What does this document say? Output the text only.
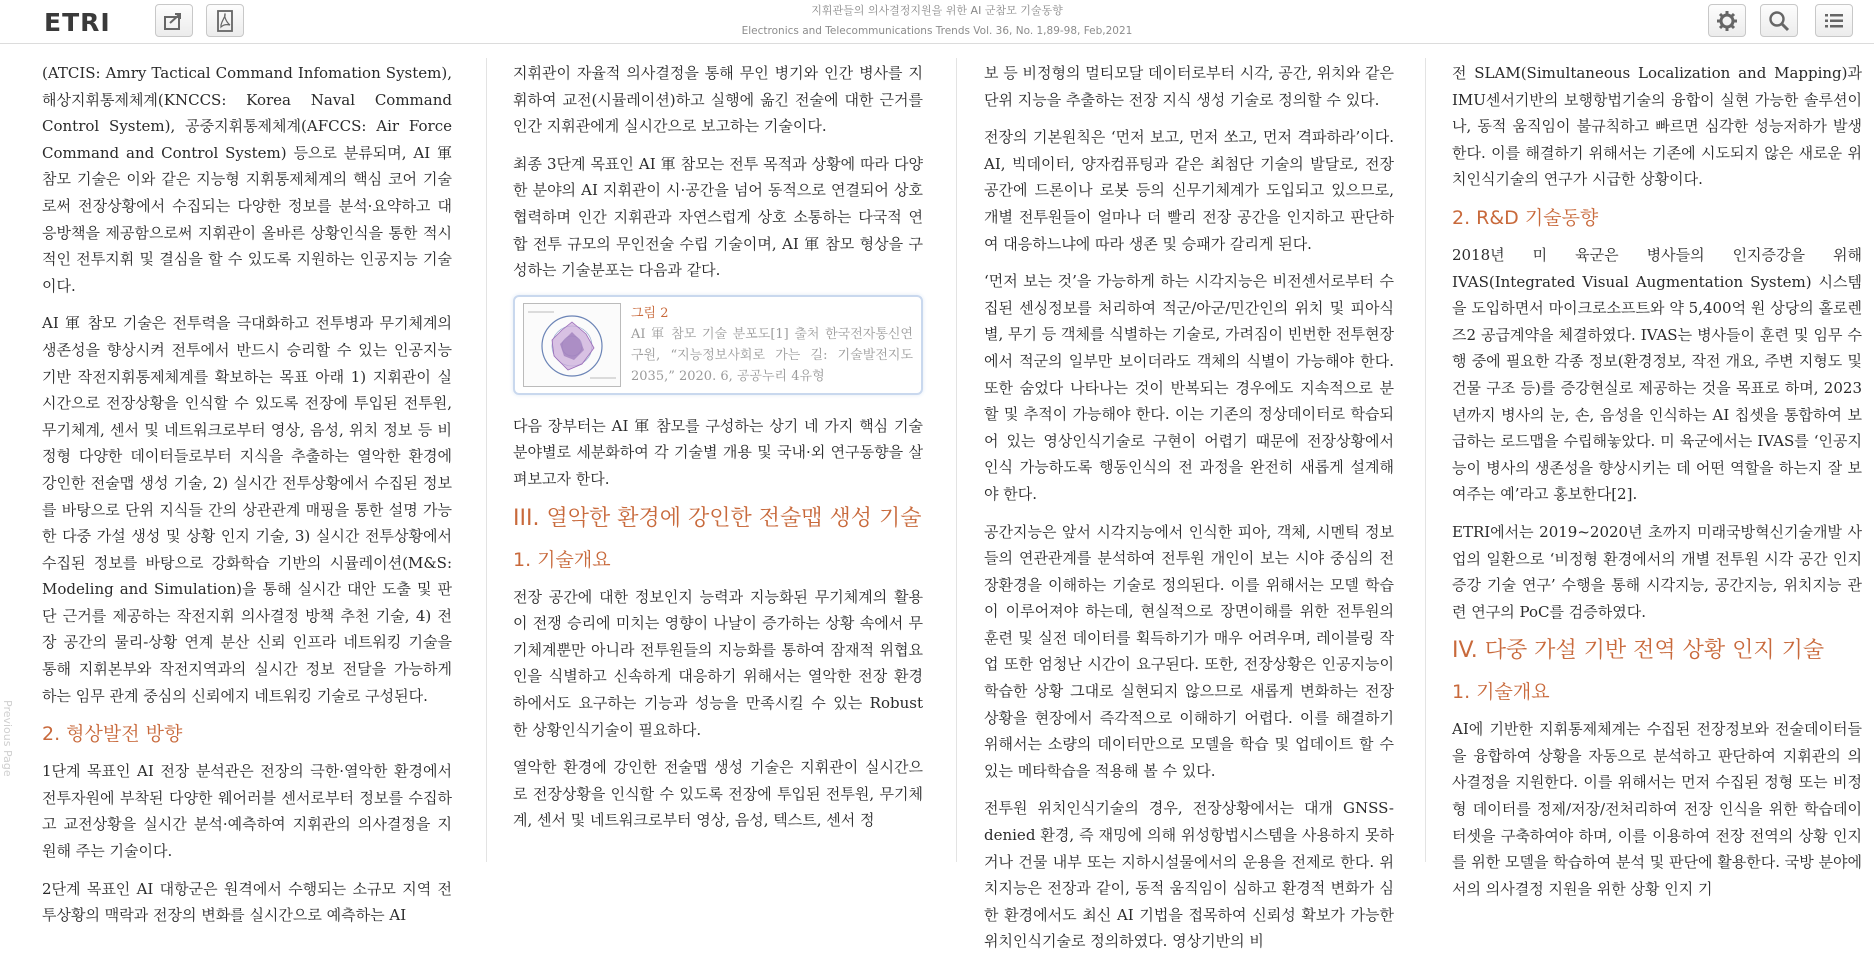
ETRI	지휘관들의 의사결정지원을 위한 AI 군참모 기술동향
Electronics and Telecommunications Trends Vol. 36, No. 1,89-98, Feb,2021
Previous Page

(ATCIS: Amry Tactical Command Infomation System), 해상지휘통제체계(KNCCS: Korea Naval Command Control System), 공중지휘통제체계(AFCCS: Air Force Command and Control System) 등으로 분류되며, AI 軍 참모 기술은 이와 같은 지능형 지휘통제체계의 핵심 코어 기술로써 전장상황에서 수집되는 다양한 정보를 분석·요약하고 대응방책을 제공함으로써 지휘관이 올바른 상황인식을 통한 적시적인 전투지휘 및 결심을 할 수 있도록 지원하는 인공지능 기술이다.

AI 軍 참모 기술은 전투력을 극대화하고 전투병과 무기체계의 생존성을 향상시켜 전투에서 반드시 승리할 수 있는 인공지능 기반 작전지휘통제체계를 확보하는 목표 아래 1) 지휘관이 실시간으로 전장상황을 인식할 수 있도록 전장에 투입된 전투원, 무기체계, 센서 및 네트워크로부터 영상, 음성, 위치 정보 등 비정형 다양한 데이터들로부터 지식을 추출하는 열악한 환경에 강인한 전술맵 생성 기술, 2) 실시간 전투상황에서 수집된 정보를 바탕으로 단위 지식들 간의 상관관계 매핑을 통한 설명 가능한 다중 가설 생성 및 상황 인지 기술, 3) 실시간 전투상황에서 수집된 정보를 바탕으로 강화학습 기반의 시뮬레이션(M&S: Modeling and Simulation)을 통해 실시간 대안 도출 및 판단 근거를 제공하는 작전지휘 의사결정 방책 추천 기술, 4) 전장 공간의 물리-상황 연계 분산 신뢰 인프라 네트워킹 기술을 통해 지휘본부와 작전지역과의 실시간 정보 전달을 가능하게 하는 임무 관계 중심의 신뢰에지 네트워킹 기술로 구성된다.

2. 형상발전 방향

1단계 목표인 AI 전장 분석관은 전장의 극한·열악한 환경에서 전투자원에 부착된 다양한 웨어러블 센서로부터 정보를 수집하고 교전상황을 실시간 분석·예측하여 지휘관의 의사결정을 지원해 주는 기술이다.

2단계 목표인 AI 대항군은 원격에서 수행되는 소규모 지역 전투상황의 맥락과 전장의 변화를 실시간으로 예측하는 AI

지휘관이 자율적 의사결정을 통해 무인 병기와 인간 병사를 지휘하여 교전(시뮬레이션)하고 실행에 옮긴 전술에 대한 근거를 인간 지휘관에게 실시간으로 보고하는 기술이다.

최종 3단계 목표인 AI 軍 참모는 전투 목적과 상황에 따라 다양한 분야의 AI 지휘관이 시·공간을 넘어 동적으로 연결되어 상호 협력하며 인간 지휘관과 자연스럽게 상호 소통하는 다국적 연합 전투 규모의 무인전술 수립 기술이며, AI 軍 참모 형상을 구성하는 기술분포는 다음과 같다.

그림 2
AI 軍 참모 기술 분포도[1] 출처 한국전자통신연구원, “지능정보사회로 가는 길: 기술발전지도 2035,” 2020. 6, 공공누리 4유형

다음 장부터는 AI 軍 참모를 구성하는 상기 네 가지 핵심 기술 분야별로 세분화하여 각 기술별 개용 및 국내·외 연구동향을 살펴보고자 한다.

III. 열악한 환경에 강인한 전술맵 생성 기술
1. 기술개요

전장 공간에 대한 정보인지 능력과 지능화된 무기체계의 활용이 전쟁 승리에 미치는 영향이 나날이 증가하는 상황 속에서 무기체계뿐만 아니라 전투원들의 지능화를 통하여 잠재적 위협요인을 식별하고 신속하게 대응하기 위해서는 열악한 전장 환경하에서도 요구하는 기능과 성능을 만족시킬 수 있는 Robust 한 상황인식기술이 필요하다.

열악한 환경에 강인한 전술맵 생성 기술은 지휘관이 실시간으로 전장상황을 인식할 수 있도록 전장에 투입된 전투원, 무기체계, 센서 및 네트워크로부터 영상, 음성, 텍스트, 센서 정

보 등 비정형의 멀티모달 데이터로부터 시각, 공간, 위치와 같은 단위 지능을 추출하는 전장 지식 생성 기술로 정의할 수 있다.

전장의 기본원칙은 ‘먼저 보고, 먼저 쏘고, 먼저 격파하라’이다. AI, 빅데이터, 양자컴퓨팅과 같은 최첨단 기술의 발달로, 전장 공간에 드론이나 로봇 등의 신무기체계가 도입되고 있으므로, 개별 전투원들이 얼마나 더 빨리 전장 공간을 인지하고 판단하여 대응하느냐에 따라 생존 및 승패가 갈리게 된다.

‘먼저 보는 것’을 가능하게 하는 시각지능은 비전센서로부터 수집된 센싱정보를 처리하여 적군/아군/민간인의 위치 및 피아식별, 무기 등 객체를 식별하는 기술로, 가려짐이 빈번한 전투현장에서 적군의 일부만 보이더라도 객체의 식별이 가능해야 한다. 또한 숨었다 나타나는 것이 반복되는 경우에도 지속적으로 분할 및 추적이 가능해야 한다. 이는 기존의 정상데이터로 학습되어 있는 영상인식기술로 구현이 어렵기 때문에 전장상황에서 인식 가능하도록 행동인식의 전 과정을 완전히 새롭게 설계해야 한다.

공간지능은 앞서 시각지능에서 인식한 피아, 객체, 시멘틱 정보들의 연관관계를 분석하여 전투원 개인이 보는 시야 중심의 전장환경을 이해하는 기술로 정의된다. 이를 위해서는 모델 학습이 이루어져야 하는데, 현실적으로 장면이해를 위한 전투원의 훈련 및 실전 데이터를 획득하기가 매우 어려우며, 레이블링 작업 또한 엄청난 시간이 요구된다. 또한, 전장상황은 인공지능이 학습한 상황 그대로 실현되지 않으므로 새롭게 변화하는 전장상황을 현장에서 즉각적으로 이해하기 어렵다. 이를 해결하기 위해서는 소량의 데이터만으로 모델을 학습 및 업데이트 할 수 있는 메타학습을 적용해 볼 수 있다.

전투원 위치인식기술의 경우, 전장상황에서는 대개 GNSS-denied 환경, 즉 재밍에 의해 위성항법시스템을 사용하지 못하거나 건물 내부 또는 지하시설물에서의 운용을 전제로 한다. 위치지능은 전장과 같이, 동적 움직임이 심하고 환경적 변화가 심한 환경에서도 최신 AI 기법을 접목하여 신뢰성 확보가 가능한 위치인식기술로 정의하였다. 영상기반의 비

전 SLAM(Simultaneous Localization and Mapping)과 IMU센서기반의 보행항법기술의 융합이 실현 가능한 솔루션이나, 동적 움직임이 불규칙하고 빠르면 심각한 성능저하가 발생한다. 이를 해결하기 위해서는 기존에 시도되지 않은 새로운 위치인식기술의 연구가 시급한 상황이다.

2. R&D 기술동향

2018년 미 육군은 병사들의 인지증강을 위해 IVAS(Integrated Visual Augmentation System) 시스템을 도입하면서 마이크로소프트와 약 5,400억 원 상당의 홀로렌즈2 공급계약을 체결하였다. IVAS는 병사들이 훈련 및 임무 수행 중에 필요한 각종 정보(환경정보, 작전 개요, 주변 지형도 및 건물 구조 등)를 증강현실로 제공하는 것을 목표로 하며, 2023년까지 병사의 눈, 손, 음성을 인식하는 AI 칩셋을 통합하여 보급하는 로드맵을 수립해놓았다. 미 육군에서는 IVAS를 ‘인공지능이 병사의 생존성을 향상시키는 데 어떤 역할을 하는지 잘 보여주는 예’라고 홍보한다[2].

ETRI에서는 2019~2020년 초까지 미래국방혁신기술개발 사업의 일환으로 ‘비정형 환경에서의 개별 전투원 시각 공간 인지증강 기술 연구’ 수행을 통해 시각지능, 공간지능, 위치지능 관련 연구의 PoC를 검증하였다.

IV. 다중 가설 기반 전역 상황 인지 기술
1. 기술개요

AI에 기반한 지휘통제체계는 수집된 전장정보와 전술데이터들을 융합하여 상황을 자동으로 분석하고 판단하여 지휘관의 의사결정을 지원한다. 이를 위해서는 먼저 수집된 정형 또는 비정형 데이터를 정제/저장/전처리하여 전장 인식을 위한 학습데이터셋을 구축하여야 하며, 이를 이용하여 전장 전역의 상황 인지를 위한 모델을 학습하여 분석 및 판단에 활용한다. 국방 분야에서의 의사결정 지원을 위한 상황 인지 기
